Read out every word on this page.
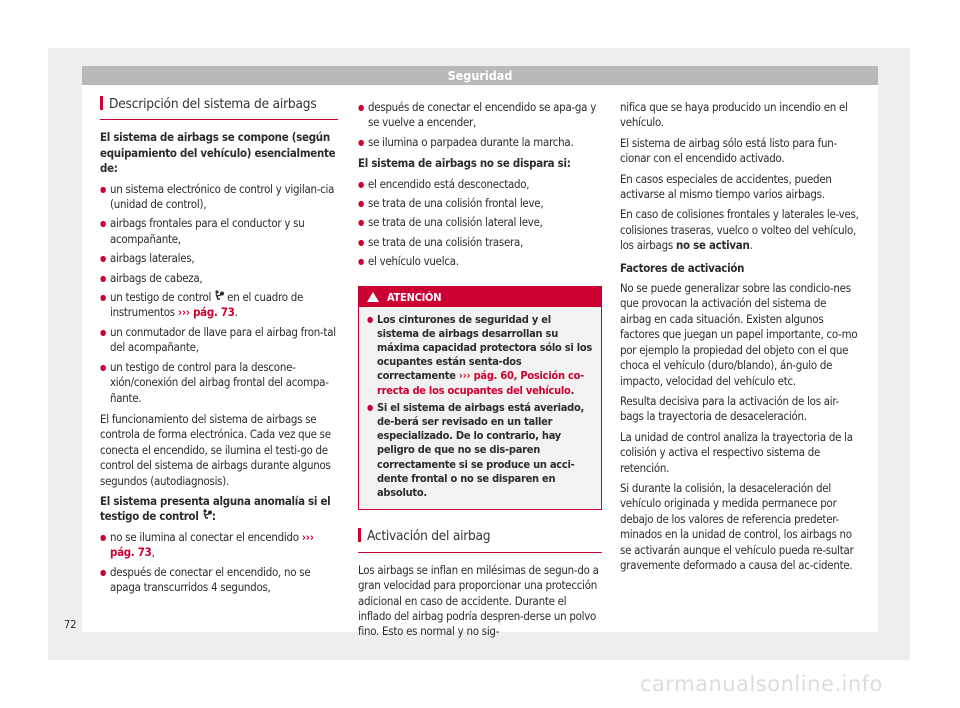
Seguridad
Descripción del sistema de airbags

El sistema de airbags se compone (según equipamiento del vehículo) esencialmente de:

● un sistema electrónico de control y vigilan-cia (unidad de control),
● airbags frontales para el conductor y su acompañante,
● airbags laterales,
● airbags de cabeza,
● un testigo de control en el cuadro de instrumentos ››› pág. 73.
● un conmutador de llave para el airbag fron-tal del acompañante,
● un testigo de control para la descone-xión/conexión del airbag frontal del acompa-ñante.

El funcionamiento del sistema de airbags se controla de forma electrónica. Cada vez que se conecta el encendido, se ilumina el testi-go de control del sistema de airbags durante algunos segundos (autodiagnosis).

El sistema presenta alguna anomalía si el testigo de control :

● no se ilumina al conectar el encendido ››› pág. 73,
● después de conectar el encendido, no se apaga transcurridos 4 segundos,
● después de conectar el encendido se apa-ga y se vuelve a encender,
● se ilumina o parpadea durante la marcha.

El sistema de airbags no se dispara si:

● el encendido está desconectado,
● se trata de una colisión frontal leve,
● se trata de una colisión lateral leve,
● se trata de una colisión trasera,
● el vehículo vuelca.
ATENCIÓN
● Los cinturones de seguridad y el sistema de airbags desarrollan su máxima capacidad protectora sólo si los ocupantes están senta-dos correctamente ››› pág. 60, Posición co-rrecta de los ocupantes del vehículo.
● Si el sistema de airbags está averiado, de-berá ser revisado en un taller especializado. De lo contrario, hay peligro de que no se dis-paren correctamente si se produce un acci-dente frontal o no se disparen en absoluto.
Activación del airbag

Los airbags se inflan en milésimas de segun-do a gran velocidad para proporcionar una protección adicional en caso de accidente. Durante el inflado del airbag podría despren-derse un polvo fino. Esto es normal y no sig-

nifica que se haya producido un incendio en el vehículo.

El sistema de airbag sólo está listo para fun-cionar con el encendido activado.

En casos especiales de accidentes, pueden activarse al mismo tiempo varios airbags.

En caso de colisiones frontales y laterales le-ves, colisiones traseras, vuelco o volteo del vehículo, los airbags no se activan.

Factores de activación

No se puede generalizar sobre las condicio-nes que provocan la activación del sistema de airbag en cada situación. Existen algunos factores que juegan un papel importante, co-mo por ejemplo la propiedad del objeto con el que choca el vehículo (duro/blando), án-gulo de impacto, velocidad del vehículo etc.

Resulta decisiva para la activación de los air-bags la trayectoria de desaceleración.

La unidad de control analiza la trayectoria de la colisión y activa el respectivo sistema de retención.

Si durante la colisión, la desaceleración del vehículo originada y medida permanece por debajo de los valores de referencia predeter-minados en la unidad de control, los airbags no se activarán aunque el vehículo pueda re-sultar gravemente deformado a causa del ac-cidente.

72
carmanualsonline.info
